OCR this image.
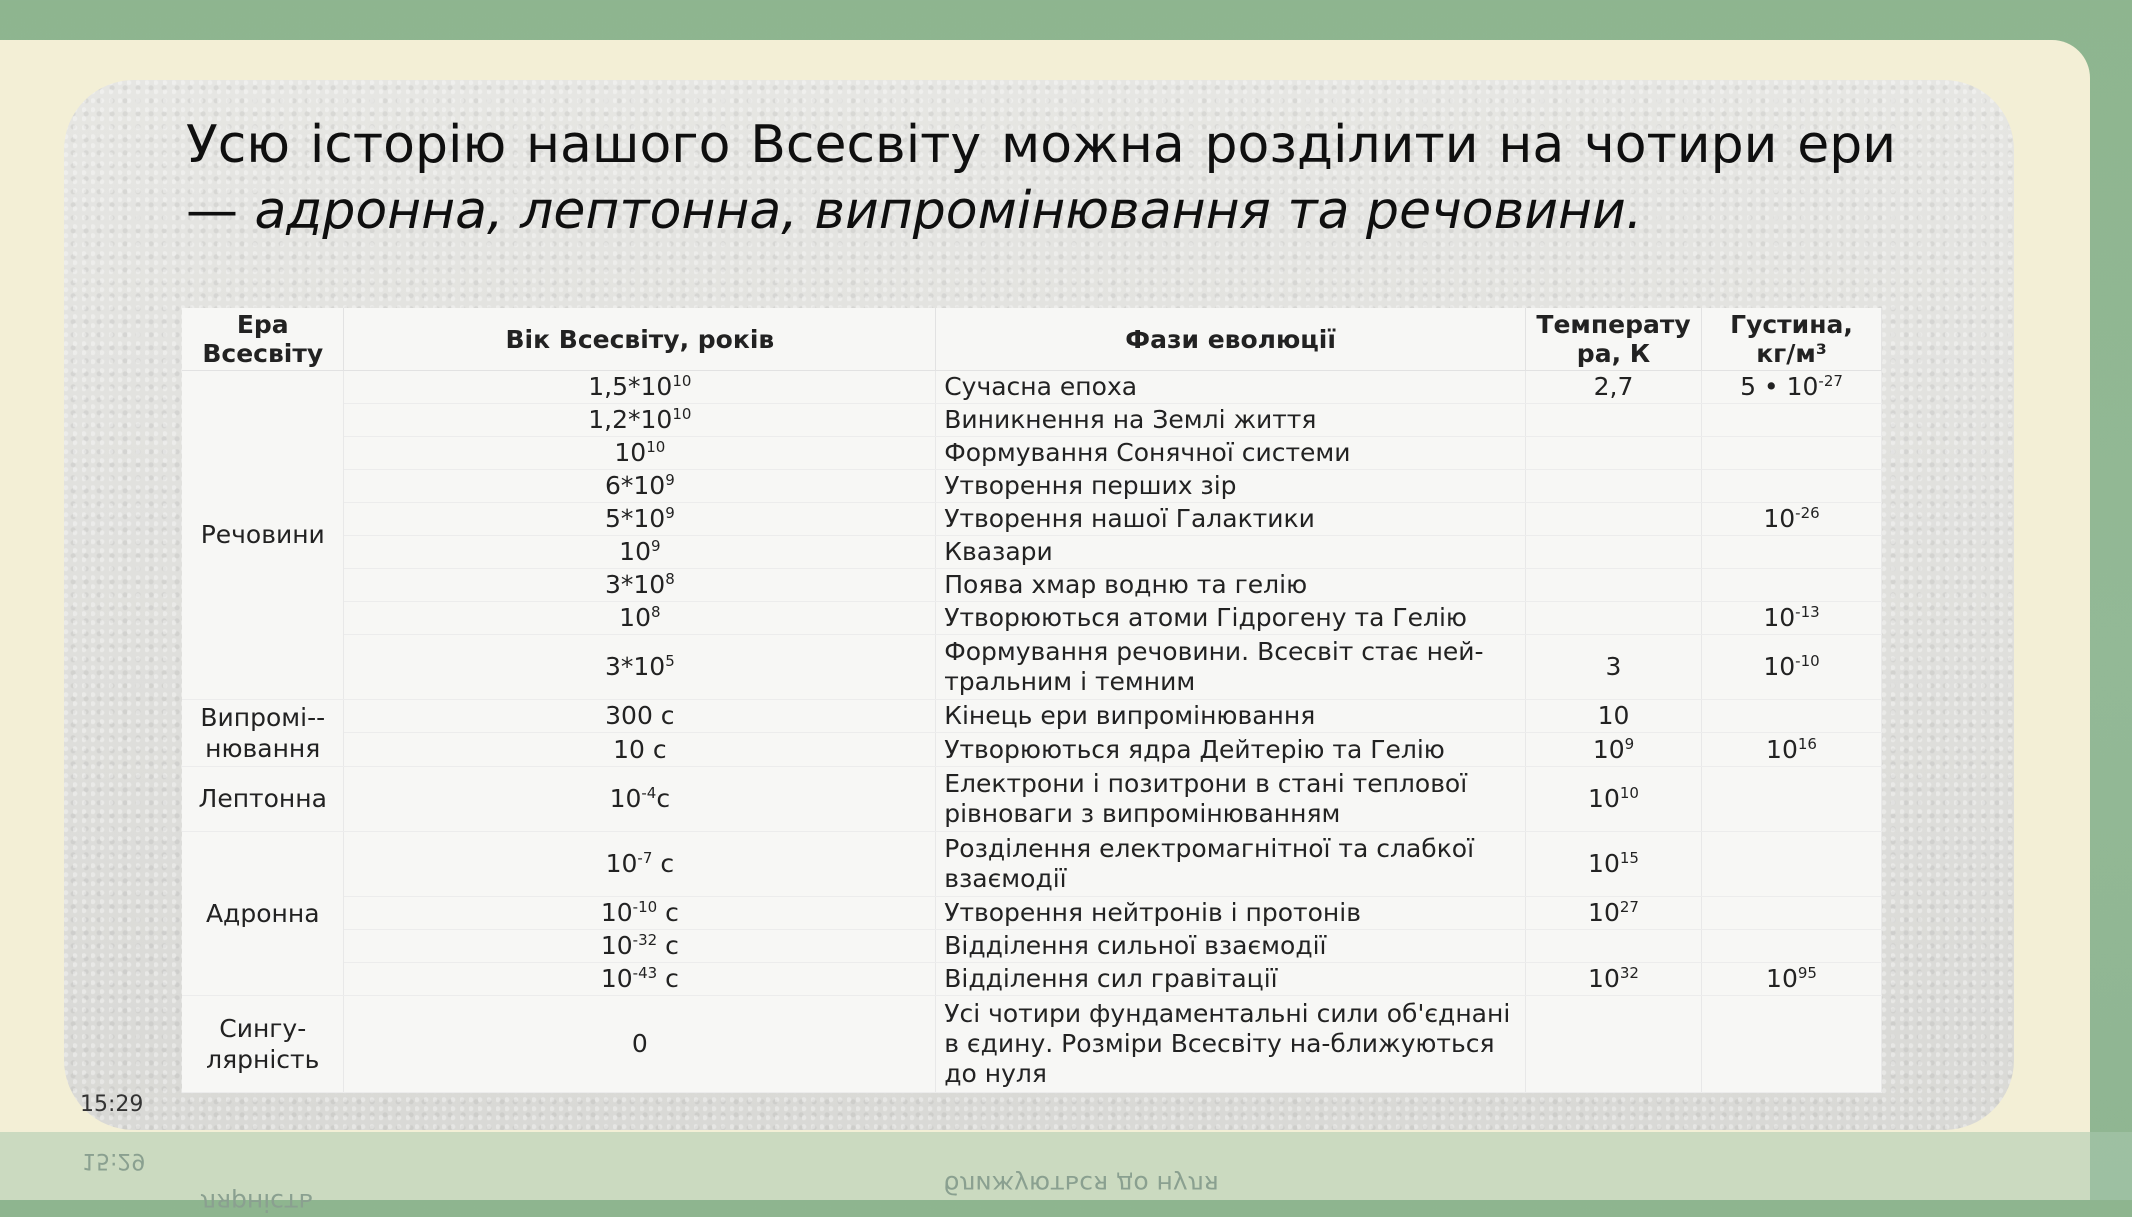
Усю історію нашого Всесвіту можна розділити на чотири ери — адронна, лептонна, випромінювання та речовини.

Ера Всесвіту	Вік Всесвіту, років	Фази еволюції	Температу ра, К	Густина, кг/м³
Речовини	$1,5*10^{10}$	Сучасна епоха	2,7	5 • $10^{-27}$
	$1,2*10^{10}$	Виникнення на Землі життя		
	$10^{10}$	Формування Сонячної системи		
	$6*10^9$	Утворення перших зір		
	$5*10^9$	Утворення нашої Галактики		$10^{-26}$
	$10^9$	Квазари		
	$3*10^8$	Поява хмар водню та гелію		
	$10^8$	Утворюються атоми Гідрогену та Гелію		$10^{-13}$
	$3*10^5$	Формування речовини. Всесвіт стає ней-тральним і темним	3	$10^{-10}$
Випромі-- нювання	300 с	Кінець ери випромінювання	10	
	10 с	Утворюються ядра Дейтерію та Гелію	$10^9$	$10^{16}$
Лептонна	$10^{-4}с$	Електрони і позитрони в стані теплової рівноваги з випромінюванням	$10^{10}$	
Адронна	$10^{-7}$ с	Розділення електромагнітної та слабкої взаємодії	$10^{15}$	
	$10^{-10}$ с	Утворення нейтронів і протонів	$10^{27}$	
	$10^{-32}$ с	Відділення сильної взаємодії		
	$10^{-43}$ с	Відділення сил гравітації	$10^{32}$	$10^{95}$
Сингу- лярність	0	Усі чотири фундаментальні сили об'єднані в єдину. Розміри Всесвіту на-ближуються до нуля		
15:29
15:29
ближуються до нуля
лярність
